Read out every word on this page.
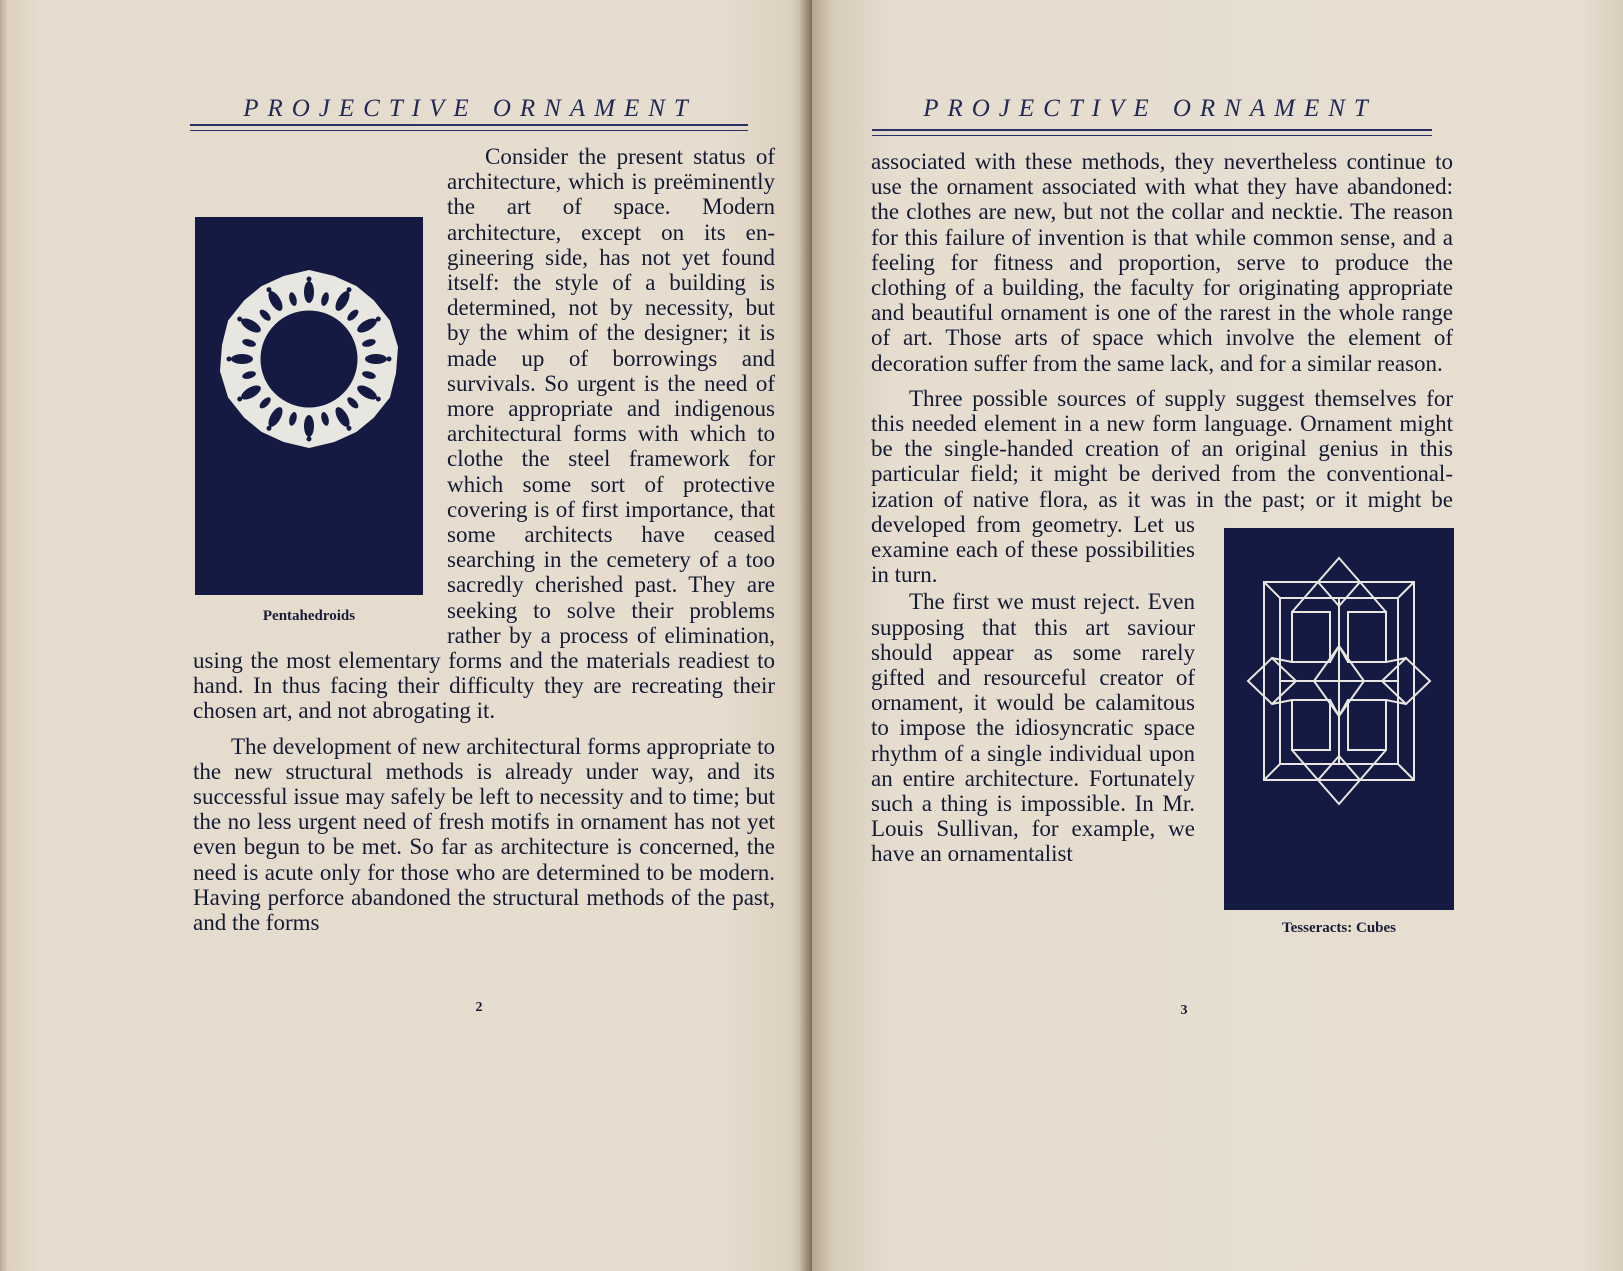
PROJECTIVE ORNAMENT
Pentahedroids

Consider the present status of architecture, which is preëminently the art of space. Modern architecture, except on its engineering side, has not yet found itself: the style of a building is determined, not by necessity, but by the whim of the designer; it is made up of borrowings and survivals. So urgent is the need of more appropriate and indigenous architectural forms with which to clothe the steel framework for which some sort of protective covering is of first importance, that some architects have ceased searching in the cemetery of a too sacredly cherished past. They are seeking to solve their problems rather by a process of elimination, using the most elementary forms and the materials readiest to hand. In thus facing their difficulty they are recreating their chosen art, and not abrogating it.

The development of new architectural forms appropriate to the new structural methods is already under way, and its successful issue may safely be left to necessity and to time; but the no less urgent need of fresh motifs in ornament has not yet even begun to be met. So far as architecture is concerned, the need is acute only for those who are determined to be modern. Having perforce abandoned the structural methods of the past, and the forms

2
PROJECTIVE ORNAMENT
Tesseracts: Cubes

associated with these methods, they nevertheless continue to use the ornament associated with what they have abandoned: the clothes are new, but not the collar and necktie. The reason for this failure of invention is that while common sense, and a feeling for fitness and proportion, serve to produce the clothing of a building, the faculty for originating appropriate and beautiful ornament is one of the rarest in the whole range of art. Those arts of space which involve the element of decoration suffer from the same lack, and for a similar reason.

Three possible sources of supply suggest themselves for this needed element in a new form language. Ornament might be the single-handed creation of an original genius in this particular field; it might be derived from the conventionalization of native flora, as it was in the past; or it might be developed from geometry. Let us examine each of these possibilities in turn.

The first we must reject. Even supposing that this art saviour should appear as some rarely gifted and resourceful creator of ornament, it would be calamitous to impose the idiosyncratic space rhythm of a single individual upon an entire architecture. Fortunately such a thing is impossible. In Mr. Louis Sullivan, for example, we have an ornamentalist

3
